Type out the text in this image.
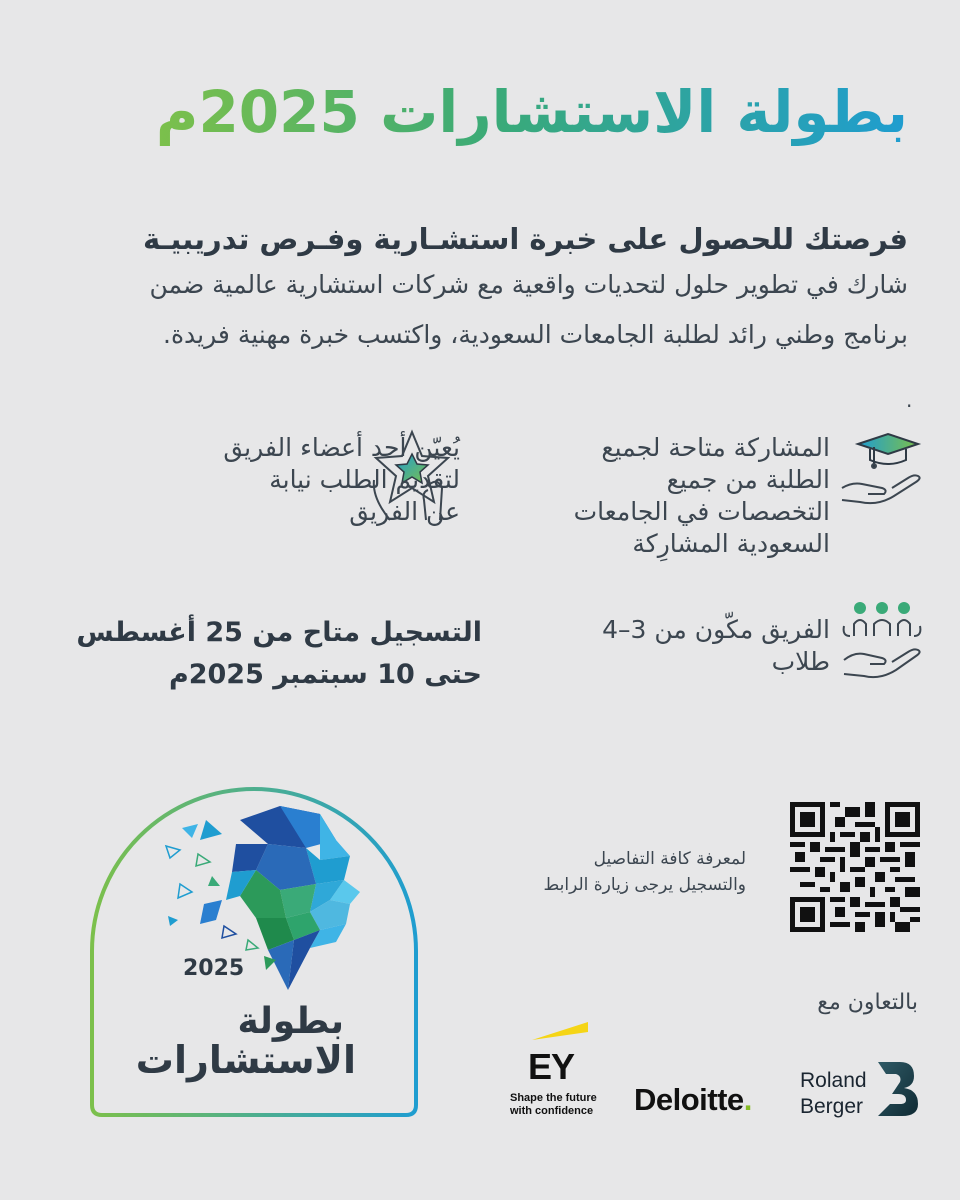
بطولة الاستشارات 2025م
فرصتك للحصول على خبرة استشـارية وفـرص تدريبيـة
شارك في تطوير حلول لتحديات واقعية مع شركات استشارية عالمية ضمن
برنامج وطني رائد لطلبة الجامعات السعودية، واكتسب خبرة مهنية فريدة.
.
المشاركة متاحة لجميع
الطلبة من جميع
التخصصات في الجامعات
السعودية المشارِكة
يُعيّن أحد أعضاء الفريق
لتقديم الطلب نيابة
عن الفريق
الفريق مكّون من 3–4
طلاب
التسجيل متاح من 25 أغسطس
حتى 10 سبتمبر 2025م
لمعرفة كافة التفاصيل
والتسجيل يرجى زيارة الرابط
2025
بطولة
الاستشارات
بالتعاون مع
EY
Shape the future
with confidence Deloitte.
Roland
Berger
